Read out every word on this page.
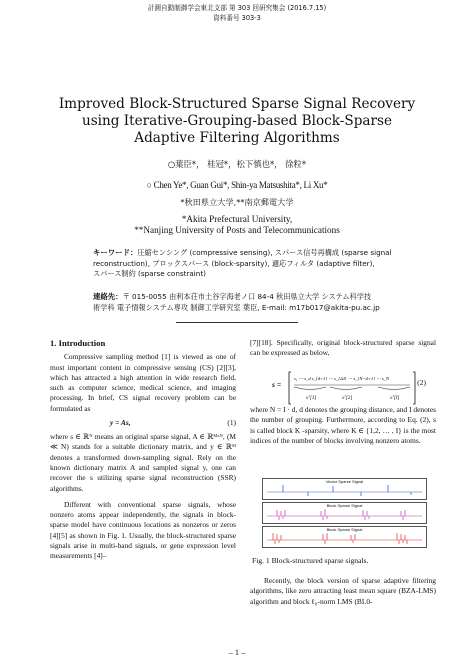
計測自動制御学会東北支部 第 303 回研究集会 (2016.7.15)
資料番号 303-3
Improved Block-Structured Sparse Signal Recovery
using Iterative-Grouping-based Block-Sparse
Adaptive Filtering Algorithms
○葉臣*， 桂冠*，松下慎也*， 徐粒*
○ Chen Ye*, Guan Gui*, Shin-ya Matsushita*, Li Xu*
*秋田県立大学,**南京郵電大学
*Akita Prefectural University,
**Nanjing University of Posts and Telecommunications
キーワード：圧縮センシング (compressive sensing), スパース信号再構成 (sparse signal
reconstruction), ブロックスパース (block-sparsity), 適応フィルタ (adaptive filter),
スパース制約 (sparse constraint)
連絡先：〒 015-0055 由利本荘市土谷字海老ノ口 84-4 秋田県立大学 システム科学技
術学科 電子情報システム専攻 制御工学研究室 葉臣, E-mail: m17b017@akita-pu.ac.jp
1. Introduction

Compressive sampling method [1] is viewed as one of most important content in compressive sensing (CS) [2][3], which has attracted a high attention in wide research field, such as computer science, medical science, and imaging processing. In brief, CS signal recovery problem can be formulated as

y = As,	(1)

where s ∈ ℝᴺ means an original sparse signal, A ∈ ℝᴹˣᴺ, (M ≪ N) stands for a suitable dictionary matrix, and y ∈ ℝᴹ denotes a transformed down-sampling signal. Rely on the known dictionary matrix A and sampled signal y, one can recover the s utilizing sparse signal reconstruction (SSR) algorithms.

Different with conventional sparse signals, whose nonzero atoms appear independently, the signals in block-sparse model have continuous locations as nonzeros or zeros [4][5] as shown in Fig. 1. Usually, the block-structured sparse signals arise in multi-band signals, or gene expression level measurements [4]–

[7][18]. Specifically, original block-structured sparse signal can be expressed as below,

s =
s₁ ⋯ s_d s_{d+1} ⋯ s_{2d} ⋯ s_{N−d+1} ⋯ s_N
sᵀ[1]	sᵀ[2]	sᵀ[I]
(2)

where N = I · d, d denotes the grouping distance, and I denotes the number of grouping. Furthermore, according to Eq. (2), s is called block K -sparsity, where K ∈ {1,2, … , I} is the most indices of the number of blocks involving nonzero atoms.

Vector Sparse Signal
Block Sparse Signal
Block Sparse Signal
Fig. 1 Block-structured sparse signals.

Recently, the block version of sparse adaptive filtering algorithms, like zero attracting least mean square (BZA-LMS) algorithm and block ℓ₀-norm LMS (BL0-

– 1 –
